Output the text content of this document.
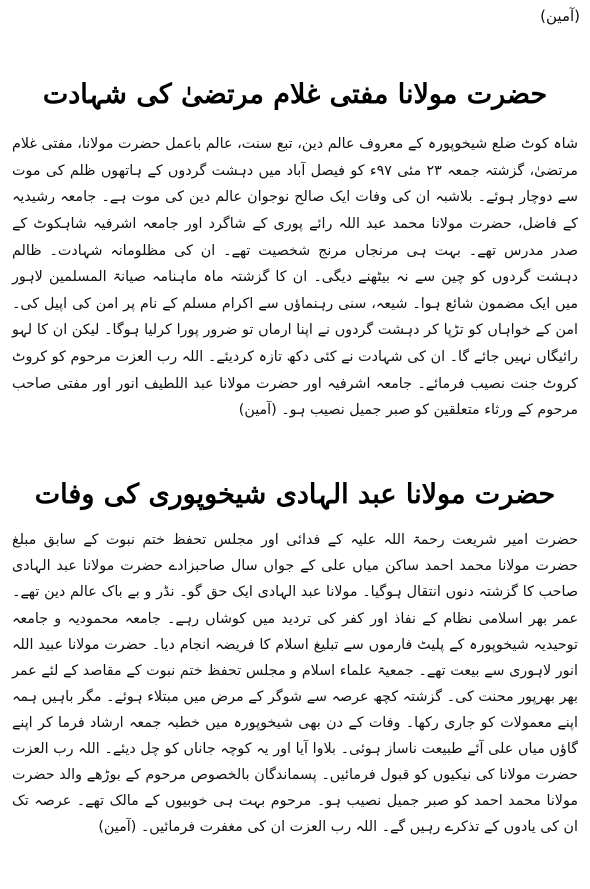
(آمین)
حضرت مولانا مفتی غلام مرتضیٰ کی شہادت

شاہ کوٹ ضلع شیخوپورہ کے معروف عالم دین، تبع سنت، عالم باعمل حضرت مولانا، مفتی غلام مرتضیٰ، گزشتہ جمعہ ۲۳ مئی ۹۷ء کو فیصل آباد میں دہشت گردوں کے ہاتھوں ظلم کی موت سے دوچار ہوئے۔ بلاشبہ ان کی وفات ایک صالح نوجوان عالم دین کی موت ہے۔ جامعہ رشیدیہ کے فاضل، حضرت مولانا محمد عبد اللہ رائے پوری کے شاگرد اور جامعہ اشرفیہ شاہکوٹ کے صدر مدرس تھے۔ بہت ہی مرنجاں مرنج شخصیت تھے۔ ان کی مظلومانہ شہادت۔ ظالم دہشت گردوں کو چین سے نہ بیٹھنے دیگی۔ ان کا گزشتہ ماہ ماہنامہ صیانۃ المسلمین لاہور میں ایک مضمون شائع ہوا۔ شیعہ، سنی رہنماؤں سے اکرام مسلم کے نام پر امن کی اپیل کی۔ امن کے خواہاں کو تڑپا کر دہشت گردوں نے اپنا ارماں تو ضرور پورا کرلیا ہوگا۔ لیکن ان کا لہو رائیگاں نہیں جائے گا۔ ان کی شہادت نے کئی دکھ تازہ کردیئے۔ اللہ رب العزت مرحوم کو کروٹ کروٹ جنت نصیب فرمائے۔ جامعہ اشرفیہ اور حضرت مولانا عبد اللطیف انور اور مفتی صاحب مرحوم کے ورثاء متعلقین کو صبر جمیل نصیب ہو۔ (آمین)

حضرت مولانا عبد الہادی شیخوپوری کی وفات

حضرت امیر شریعت رحمۃ اللہ علیہ کے فدائی اور مجلس تحفظ ختم نبوت کے سابق مبلغ حضرت مولانا محمد احمد ساکن میاں علی کے جواں سال صاحبزادے حضرت مولانا عبد الہادی صاحب کا گزشتہ دنوں انتقال ہوگیا۔ مولانا عبد الہادی ایک حق گو۔ نڈر و بے باک عالم دین تھے۔ عمر بھر اسلامی نظام کے نفاذ اور کفر کی تردید میں کوشاں رہے۔ جامعہ محمودیہ و جامعہ توحیدیہ شیخوپورہ کے پلیٹ فارموں سے تبلیغ اسلام کا فریضہ انجام دیا۔ حضرت مولانا عبید اللہ انور لاہوری سے بیعت تھے۔ جمعیۃ علماء اسلام و مجلس تحفظ ختم نبوت کے مقاصد کے لئے عمر بھر بھرپور محنت کی۔ گزشتہ کچھ عرصہ سے شوگر کے مرض میں مبتلاء ہوئے۔ مگر باہیں ہمہ اپنے معمولات کو جاری رکھا۔ وفات کے دن بھی شیخوپورہ میں خطبہ جمعہ ارشاد فرما کر اپنے گاؤں میاں علی آئے طبیعت ناساز ہوئی۔ بلاوا آیا اور یہ کوچہ جاناں کو چل دیئے۔ اللہ رب العزت حضرت مولانا کی نیکیوں کو قبول فرمائیں۔ پسماندگان بالخصوص مرحوم کے بوڑھے والد حضرت مولانا محمد احمد کو صبر جمیل نصیب ہو۔ مرحوم بہت ہی خوبیوں کے مالک تھے۔ عرصہ تک ان کی یادوں کے تذکرے رہیں گے۔ اللہ رب العزت ان کی مغفرت فرمائیں۔ (آمین)
